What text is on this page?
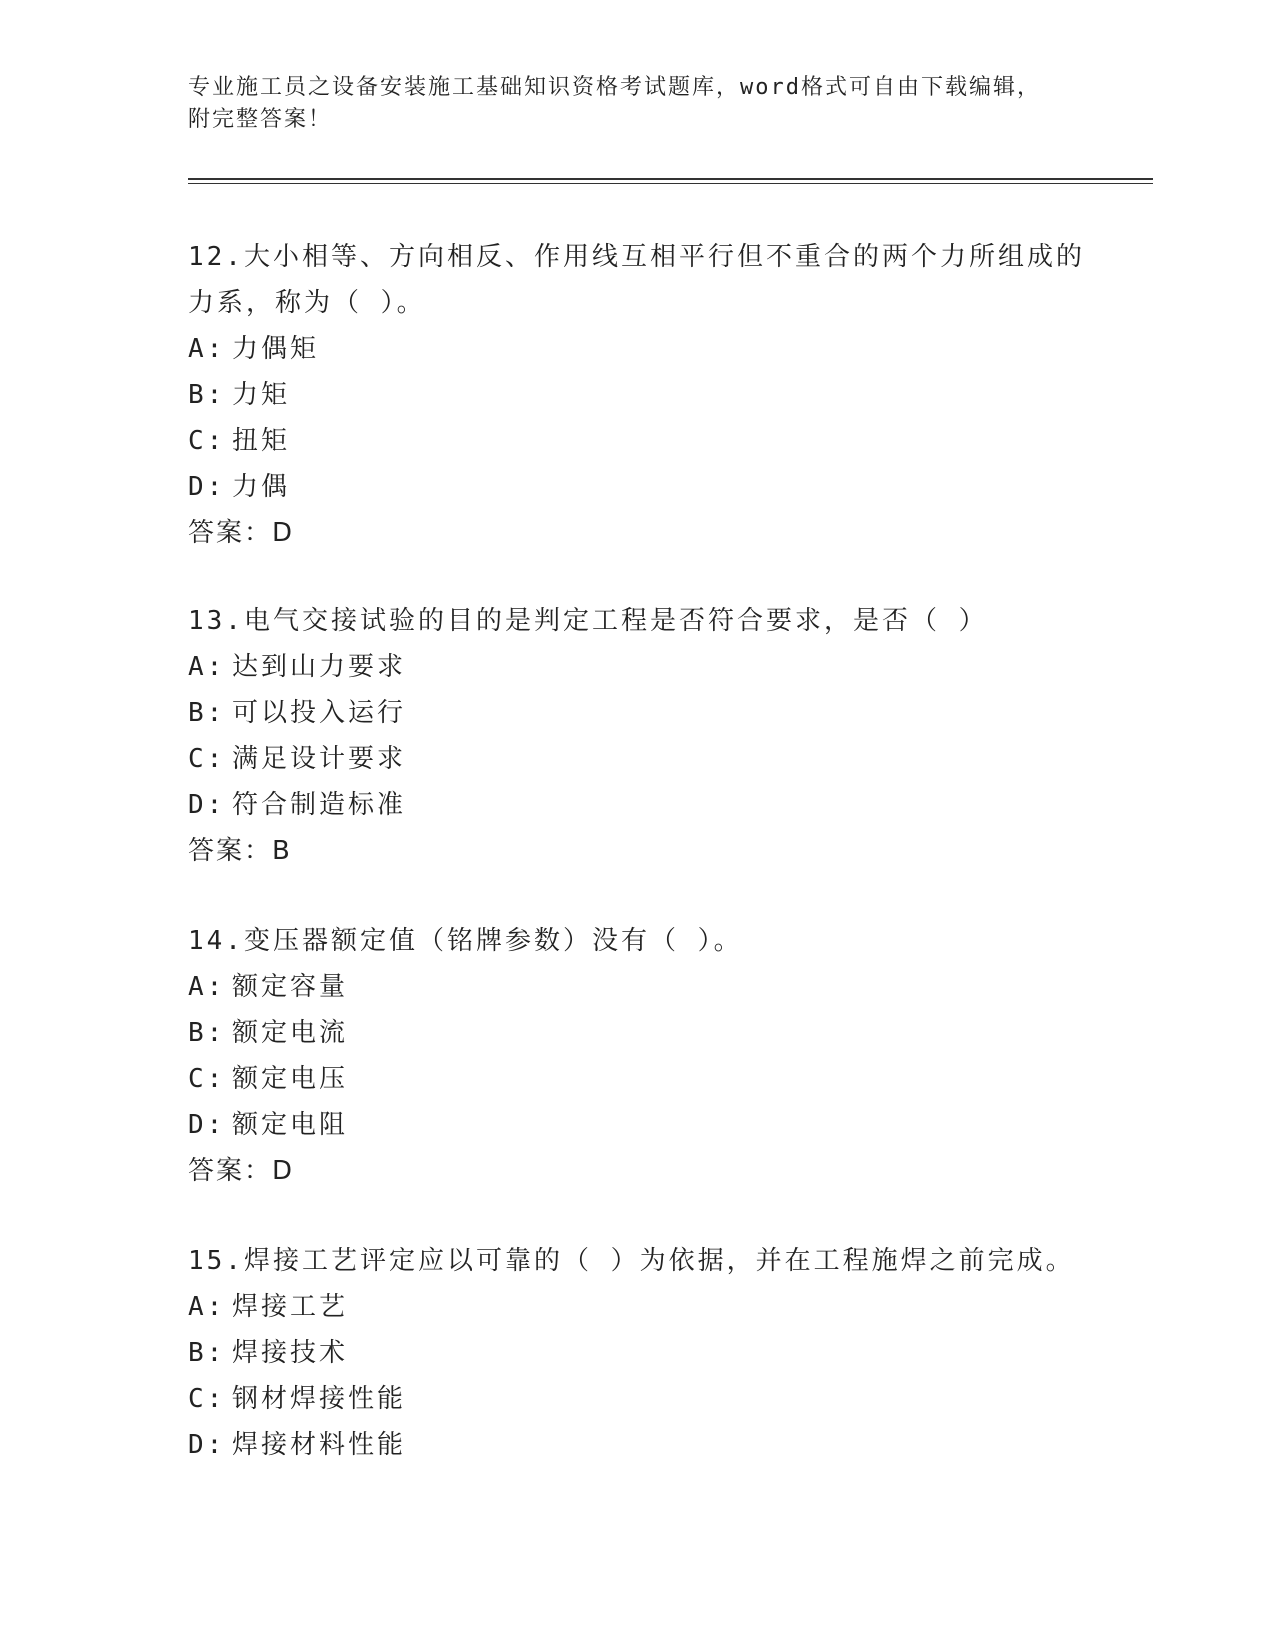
专业施工员之设备安装施工基础知识资格考试题库，word格式可自由下载编辑，
附完整答案！
12.大小相等、方向相反、作用线互相平行但不重合的两个力所组成的
力系，称为（ ）。
A: 力偶矩
B: 力矩
C: 扭矩
D: 力偶
答案：D
13.电气交接试验的目的是判定工程是否符合要求，是否（ ）
A: 达到山力要求
B: 可以投入运行
C: 满足设计要求
D: 符合制造标准
答案：B
14.变压器额定值（铭牌参数）没有（ ）。
A: 额定容量
B: 额定电流
C: 额定电压
D: 额定电阻
答案：D
15.焊接工艺评定应以可靠的（ ）为依据，并在工程施焊之前完成。
A: 焊接工艺
B: 焊接技术
C: 钢材焊接性能
D: 焊接材料性能
